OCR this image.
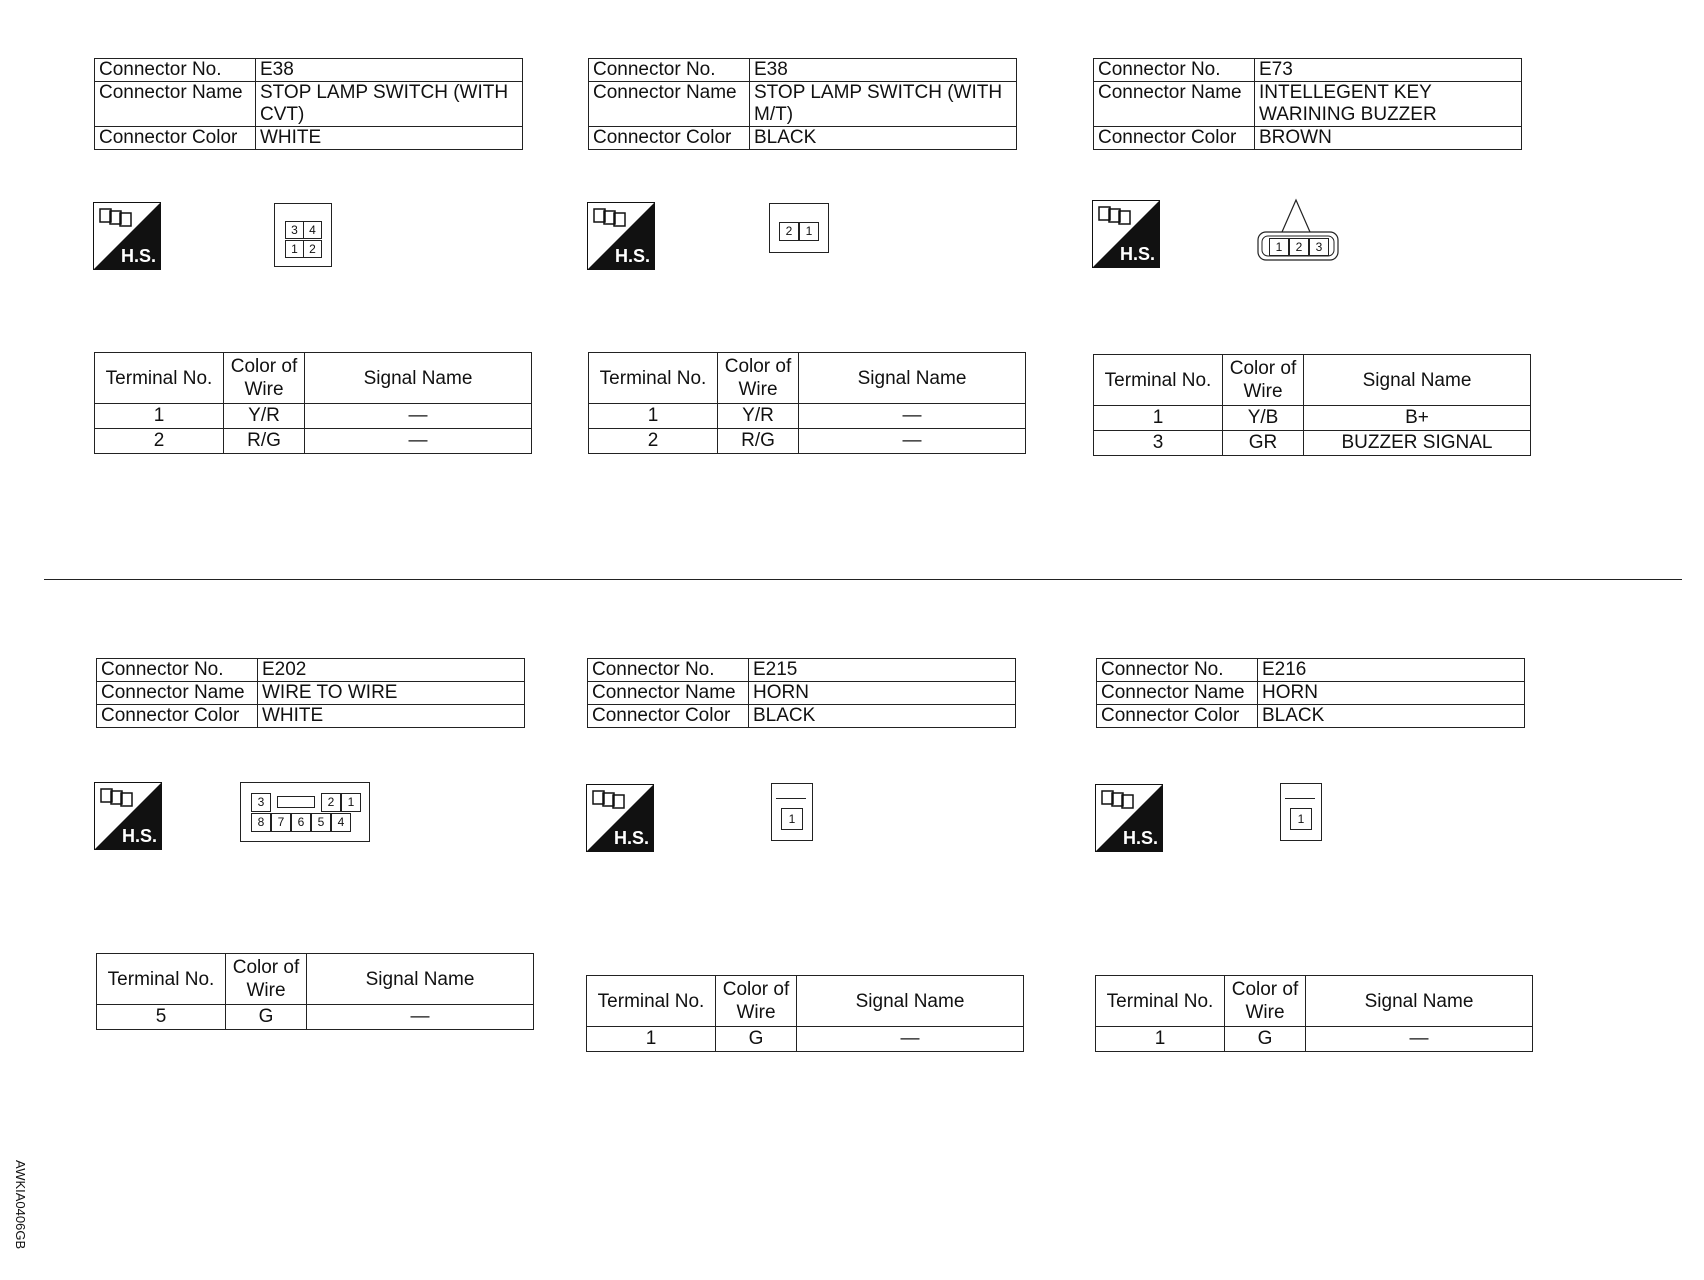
Connector No.	E38
Connector Name	STOP LAMP SWITCH (WITH CVT)
Connector Color	WHITE
H.S.
3 4
1 2
Terminal No.	Color of Wire	Signal Name
1	Y/R	—
2	R/G	—
Connector No.	E38
Connector Name	STOP LAMP SWITCH (WITH M/T)
Connector Color	BLACK
H.S.
2	1
Terminal No.	Color of Wire	Signal Name
1	Y/R	—
2	R/G	—
Connector No.	E73
Connector Name	INTELLEGENT KEY WARINING BUZZER
Connector Color	BROWN
H.S.	1	2	3
Terminal No.	Color of Wire	Signal Name
1	Y/B	B+
3	GR	BUZZER SIGNAL
Connector No.	E202
Connector Name	WIRE TO WIRE
Connector Color	WHITE
H.S.
3	2	1
8	7	6	5	4
Terminal No.	Color of Wire	Signal Name
5	G	—
Connector No.	E215
Connector Name	HORN
Connector Color	BLACK
H.S.
1
Terminal No.	Color of Wire	Signal Name
1	G	—
Connector No.	E216
Connector Name	HORN
Connector Color	BLACK
H.S.
1
Terminal No.	Color of Wire	Signal Name
1	G	—
AWKIA0406GB
